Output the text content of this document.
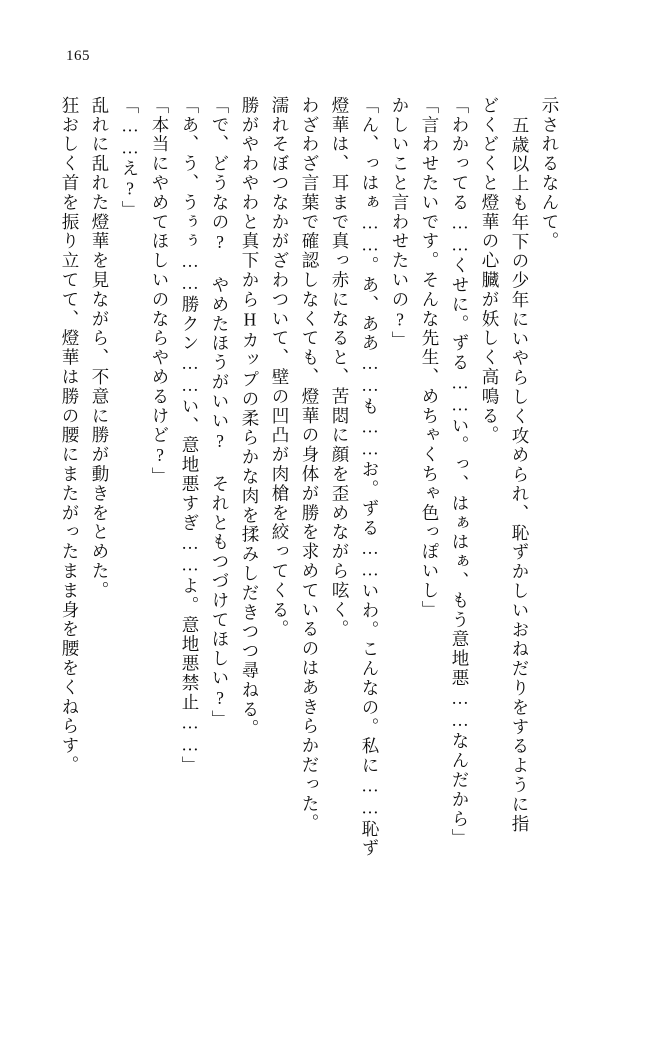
165
狂おしく首を振り立てて、燈華は勝の腰にまたがったまま身を腰をくねらす。 乱れに乱れた燈華を見ながら、不意に勝が動きをとめた。 「……え?」 「本当にやめてほしいのならやめるけど?」 「あ、う、うぅぅ……勝クン……い、意地悪すぎ……よ。意地悪禁止……」 「で、どうなの? やめたほうがいい? それともつづけてほしい?」 勝がやわやわと真下からHカップの柔らかな肉を揉みしだきつつ尋ねる。 濡れそぼつなかがざわついて、壁の凹凸が肉槍を絞ってくる。 わざわざ言葉で確認しなくても、燈華の身体が勝を求めているのはあきらかだった。 燈華は、耳まで真っ赤になると、苦悶に顔を歪めながら呟く。 「ん、っはぁ……。あ、ああ……も……お。ずる……いわ。こんなの。私に……恥ず かしいこと言わせたいの?」 「言わせたいです。そんな先生、めちゃくちゃ色っぽいし」 「わかってる……くせに。ずる……い。っ、はぁはぁ、もう意地悪……なんだから」 どくどくと燈華の心臓が妖しく高鳴る。 五歳以上も年下の少年にいやらしく攻められ、恥ずかしいおねだりをするように指 示されるなんて。
